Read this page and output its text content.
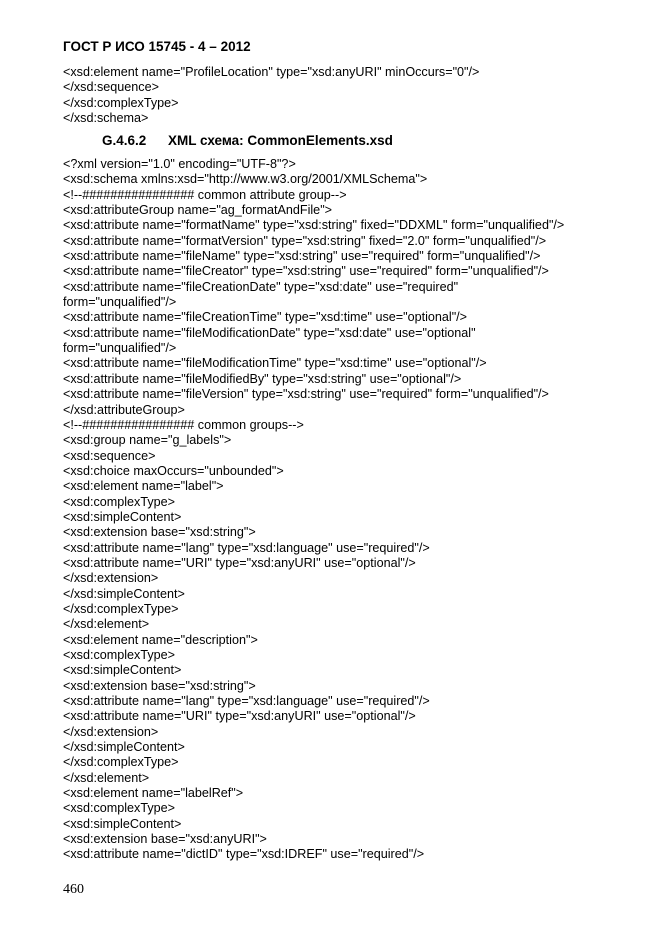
ГОСТ Р ИСО 15745 - 4 – 2012
<xsd:element name="ProfileLocation" type="xsd:anyURI" minOccurs="0"/>
</xsd:sequence>
</xsd:complexType>
</xsd:schema>
G.4.6.2 XML схема: CommonElements.xsd
<?xml version="1.0" encoding="UTF-8"?>
<xsd:schema xmlns:xsd="http://www.w3.org/2001/XMLSchema">
<!--################ common attribute group-->
<xsd:attributeGroup name="ag_formatAndFile">
<xsd:attribute name="formatName" type="xsd:string" fixed="DDXML" form="unqualified"/>
<xsd:attribute name="formatVersion" type="xsd:string" fixed="2.0" form="unqualified"/>
<xsd:attribute name="fileName" type="xsd:string" use="required" form="unqualified"/>
<xsd:attribute name="fileCreator" type="xsd:string" use="required" form="unqualified"/>
<xsd:attribute name="fileCreationDate" type="xsd:date" use="required"
form="unqualified"/>
<xsd:attribute name="fileCreationTime" type="xsd:time" use="optional"/>
<xsd:attribute name="fileModificationDate" type="xsd:date" use="optional"
form="unqualified"/>
<xsd:attribute name="fileModificationTime" type="xsd:time" use="optional"/>
<xsd:attribute name="fileModifiedBy" type="xsd:string" use="optional"/>
<xsd:attribute name="fileVersion" type="xsd:string" use="required" form="unqualified"/>
</xsd:attributeGroup>
<!--################ common groups-->
<xsd:group name="g_labels">
<xsd:sequence>
<xsd:choice maxOccurs="unbounded">
<xsd:element name="label">
<xsd:complexType>
<xsd:simpleContent>
<xsd:extension base="xsd:string">
<xsd:attribute name="lang" type="xsd:language" use="required"/>
<xsd:attribute name="URI" type="xsd:anyURI" use="optional"/>
</xsd:extension>
</xsd:simpleContent>
</xsd:complexType>
</xsd:element>
<xsd:element name="description">
<xsd:complexType>
<xsd:simpleContent>
<xsd:extension base="xsd:string">
<xsd:attribute name="lang" type="xsd:language" use="required"/>
<xsd:attribute name="URI" type="xsd:anyURI" use="optional"/>
</xsd:extension>
</xsd:simpleContent>
</xsd:complexType>
</xsd:element>
<xsd:element name="labelRef">
<xsd:complexType>
<xsd:simpleContent>
<xsd:extension base="xsd:anyURI">
<xsd:attribute name="dictID" type="xsd:IDREF" use="required"/>
460
